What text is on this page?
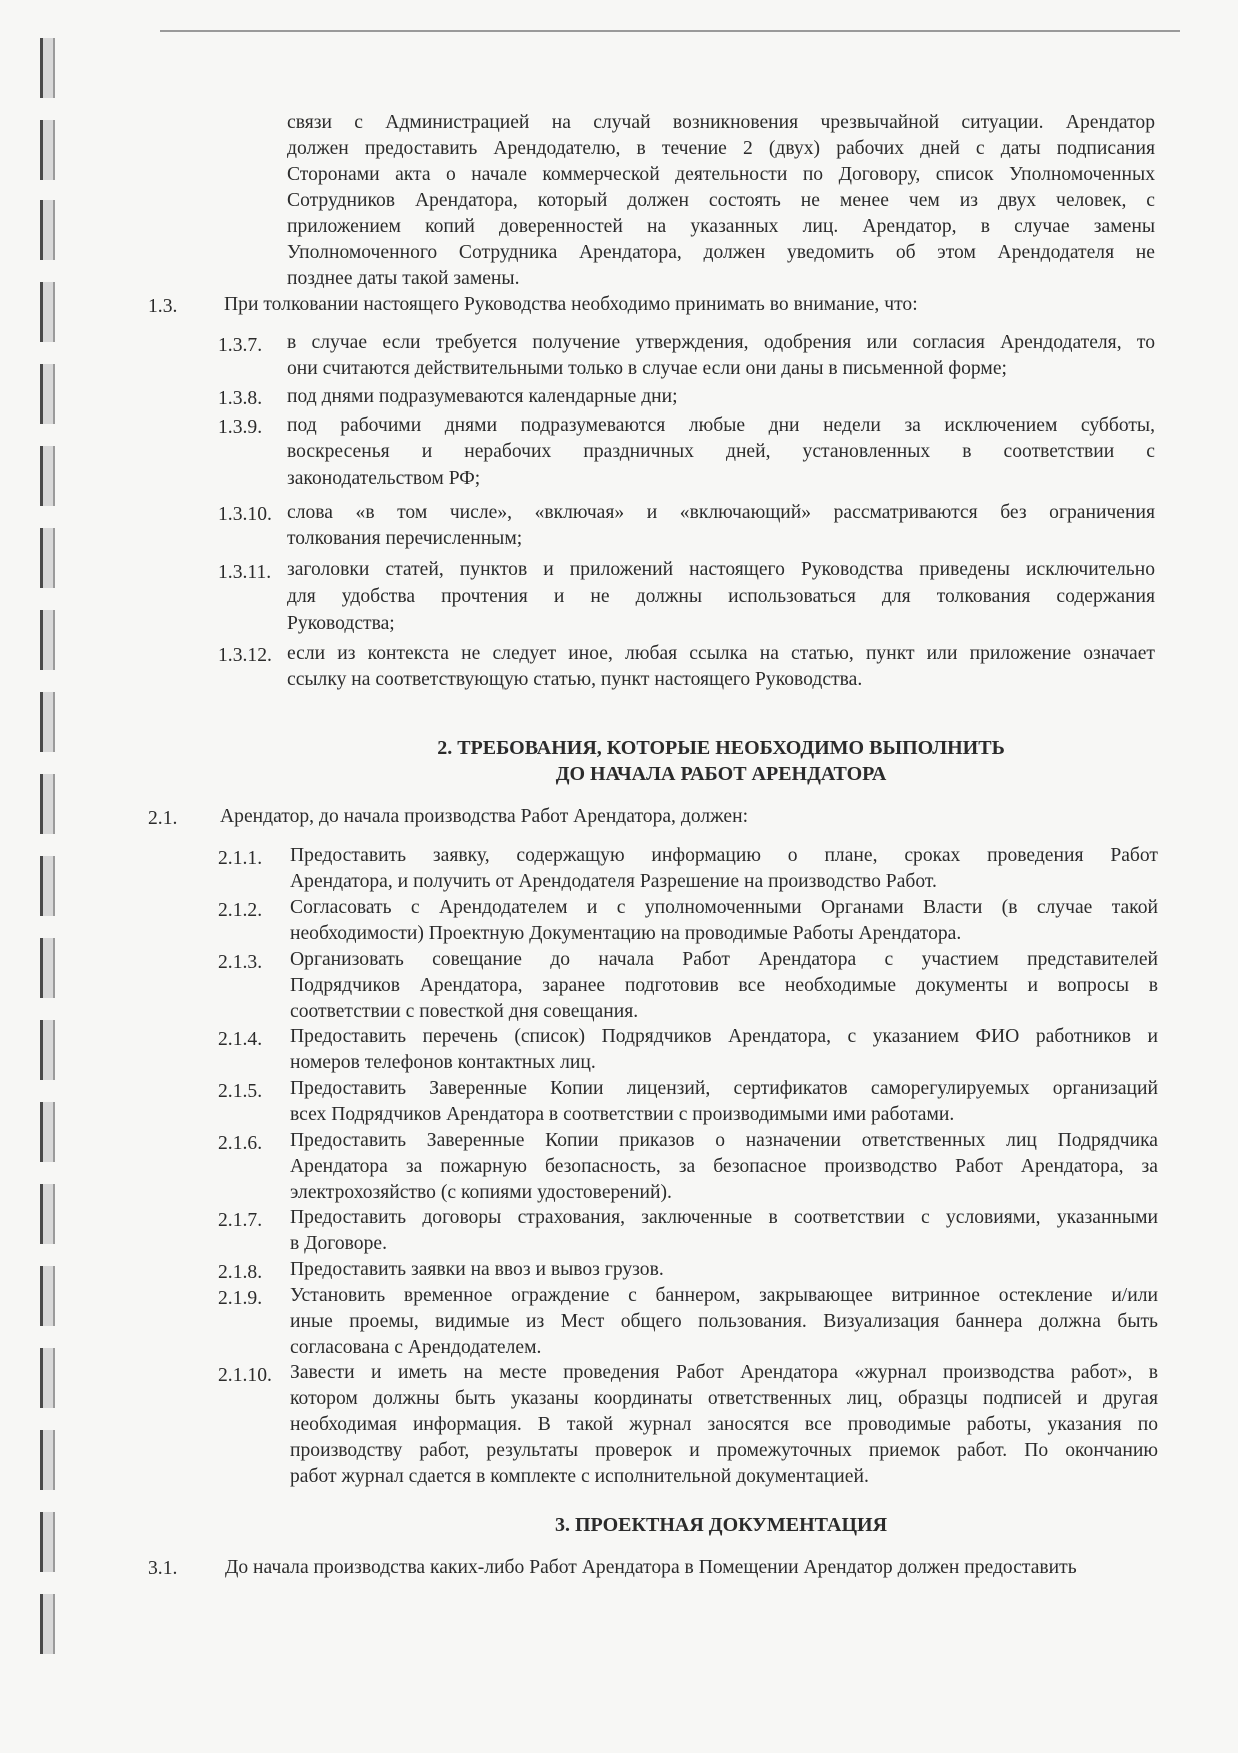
связи с Администрацией на случай возникновения чрезвычайной ситуации. Арендатор
должен предоставить Арендодателю, в течение 2 (двух) рабочих дней с даты подписания
Сторонами акта о начале коммерческой деятельности по Договору, список Уполномоченных
Сотрудников Арендатора, который должен состоять не менее чем из двух человек, с
приложением копий доверенностей на указанных лиц. Арендатор, в случае замены
Уполномоченного Сотрудника Арендатора, должен уведомить об этом Арендодателя не
позднее даты такой замены.
1.3. При толковании настоящего Руководства необходимо принимать во внимание, что:
1.3.7. в случае если требуется получение утверждения, одобрения или согласия Арендодателя, то
они считаются действительными только в случае если они даны в письменной форме;
1.3.8. под днями подразумеваются календарные дни;
1.3.9. под рабочими днями подразумеваются любые дни недели за исключением субботы,
воскресенья и нерабочих праздничных дней, установленных в соответствии с
законодательством РФ;
1.3.10. слова «в том числе», «включая» и «включающий» рассматриваются без ограничения
толкования перечисленным;
1.3.11. заголовки статей, пунктов и приложений настоящего Руководства приведены исключительно
для удобства прочтения и не должны использоваться для толкования содержания
Руководства;
1.3.12. если из контекста не следует иное, любая ссылка на статью, пункт или приложение означает
ссылку на соответствующую статью, пункт настоящего Руководства.
2. ТРЕБОВАНИЯ, КОТОРЫЕ НЕОБХОДИМО ВЫПОЛНИТЬ
ДО НАЧАЛА РАБОТ АРЕНДАТОРА
2.1. Арендатор, до начала производства Работ Арендатора, должен:
2.1.1. Предоставить заявку, содержащую информацию о плане, сроках проведения Работ
Арендатора, и получить от Арендодателя Разрешение на производство Работ.
2.1.2. Согласовать с Арендодателем и с уполномоченными Органами Власти (в случае такой
необходимости) Проектную Документацию на проводимые Работы Арендатора.
2.1.3. Организовать совещание до начала Работ Арендатора с участием представителей
Подрядчиков Арендатора, заранее подготовив все необходимые документы и вопросы в
соответствии с повесткой дня совещания.
2.1.4. Предоставить перечень (список) Подрядчиков Арендатора, с указанием ФИО работников и
номеров телефонов контактных лиц.
2.1.5. Предоставить Заверенные Копии лицензий, сертификатов саморегулируемых организаций
всех Подрядчиков Арендатора в соответствии с производимыми ими работами.
2.1.6. Предоставить Заверенные Копии приказов о назначении ответственных лиц Подрядчика
Арендатора за пожарную безопасность, за безопасное производство Работ Арендатора, за
электрохозяйство (с копиями удостоверений).
2.1.7. Предоставить договоры страхования, заключенные в соответствии с условиями, указанными
в Договоре.
2.1.8. Предоставить заявки на ввоз и вывоз грузов.
2.1.9. Установить временное ограждение с баннером, закрывающее витринное остекление и/или
иные проемы, видимые из Мест общего пользования. Визуализация баннера должна быть
согласована с Арендодателем.
2.1.10. Завести и иметь на месте проведения Работ Арендатора «журнал производства работ», в
котором должны быть указаны координаты ответственных лиц, образцы подписей и другая
необходимая информация. В такой журнал заносятся все проводимые работы, указания по
производству работ, результаты проверок и промежуточных приемок работ. По окончанию
работ журнал сдается в комплекте с исполнительной документацией.
3. ПРОЕКТНАЯ ДОКУМЕНТАЦИЯ
3.1. До начала производства каких-либо Работ Арендатора в Помещении Арендатор должен предоставить
